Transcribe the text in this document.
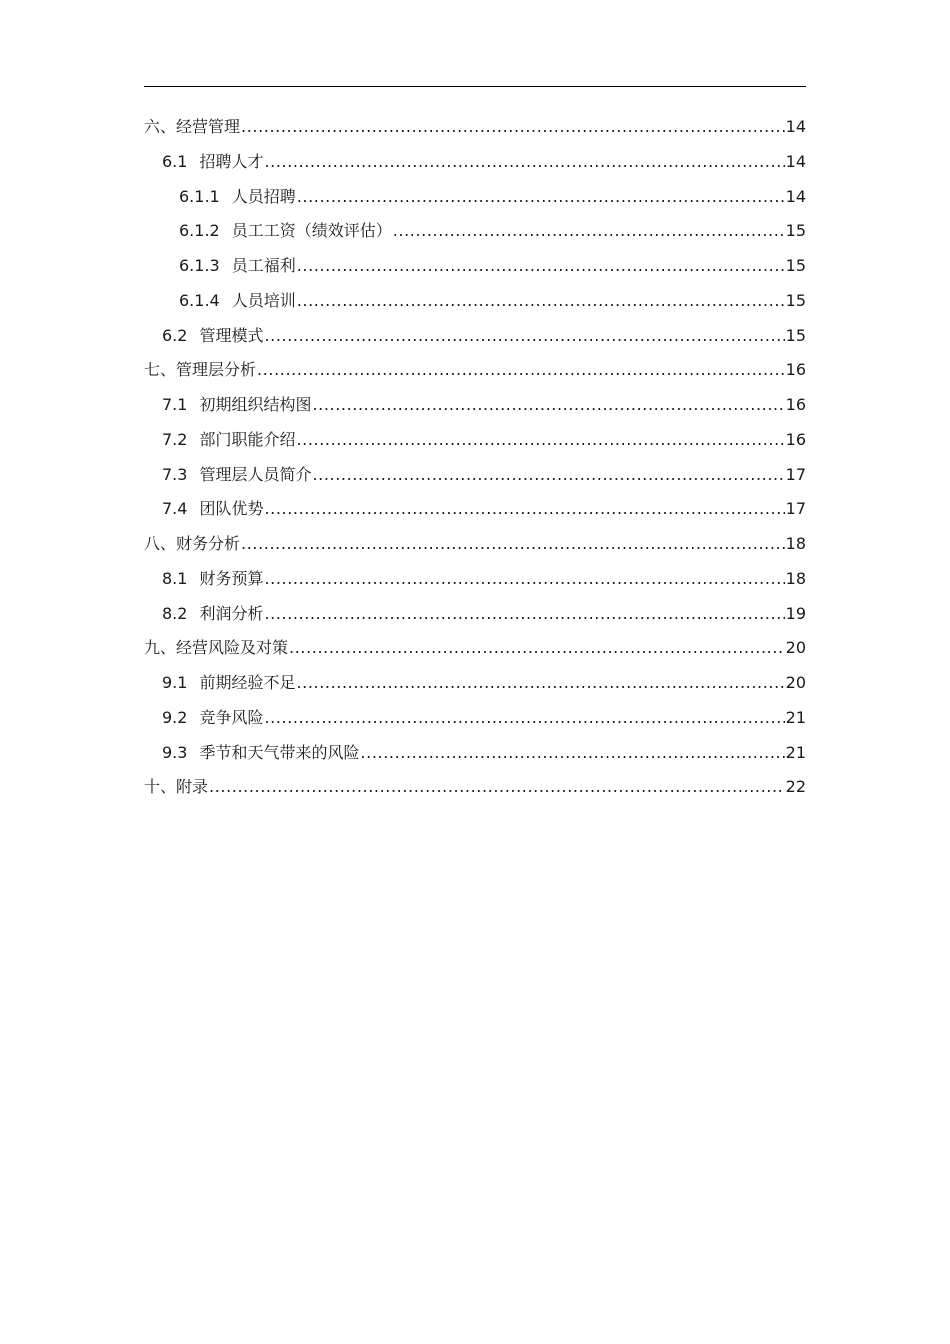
六、 经营管理 .....	14
6.1 招聘人才 .....	14
6.1.1 人员招聘 .....	14
6.1.2 员工工资（绩效评估） .....	15
6.1.3 员工福利 .....	15
6.1.4 人员培训 .....	15
6.2 管理模式 .....	15
七、 管理层分析 .....	16
7.1 初期组织结构图 .....	16
7.2 部门职能介绍 .....	16
7.3 管理层人员简介 .....	17
7.4 团队优势 .....	17
八、 财务分析 .....	18
8.1 财务预算 .....	18
8.2 利润分析 .....	19
九、 经营风险及对策 .....	20
9.1 前期经验不足 .....	20
9.2 竞争风险 .....	21
9.3 季节和天气带来的风险 .....	21
十、 附录 .....	22
